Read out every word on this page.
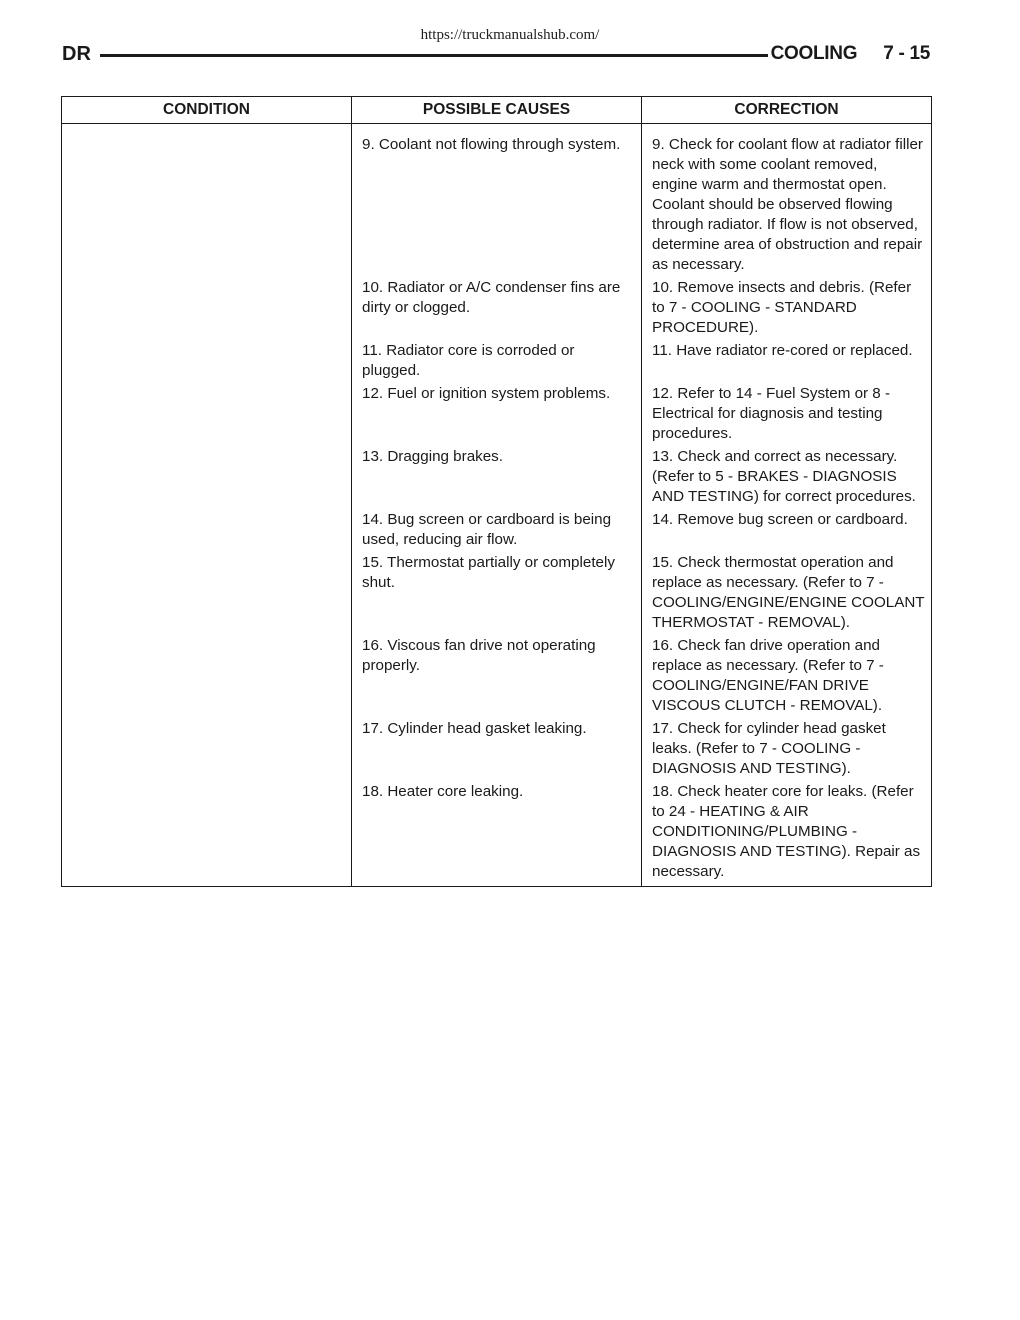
https://truckmanualshub.com/
DR	COOLING 7 - 15
CONDITION	POSSIBLE CAUSES	CORRECTION
	9. Coolant not flowing through system.	9. Check for coolant flow at radiator filler neck with some coolant removed, engine warm and thermostat open. Coolant should be observed flowing through radiator. If flow is not observed, determine area of obstruction and repair as necessary.
	10. Radiator or A/C condenser fins are dirty or clogged.	10. Remove insects and debris. (Refer to 7 - COOLING - STANDARD PROCEDURE).
	11. Radiator core is corroded or plugged.	11. Have radiator re-cored or replaced.
	12. Fuel or ignition system problems.	12. Refer to 14 - Fuel System or 8 - Electrical for diagnosis and testing procedures.
	13. Dragging brakes.	13. Check and correct as necessary. (Refer to 5 - BRAKES - DIAGNOSIS AND TESTING) for correct procedures.
	14. Bug screen or cardboard is being used, reducing air flow.	14. Remove bug screen or cardboard.
	15. Thermostat partially or completely shut.	15. Check thermostat operation and replace as necessary. (Refer to 7 - COOLING/ENGINE/ENGINE COOLANT THERMOSTAT - REMOVAL).
	16. Viscous fan drive not operating properly.	16. Check fan drive operation and replace as necessary. (Refer to 7 - COOLING/ENGINE/FAN DRIVE VISCOUS CLUTCH - REMOVAL).
	17. Cylinder head gasket leaking.	17. Check for cylinder head gasket leaks. (Refer to 7 - COOLING - DIAGNOSIS AND TESTING).
	18. Heater core leaking.	18. Check heater core for leaks. (Refer to 24 - HEATING & AIR CONDITIONING/PLUMBING - DIAGNOSIS AND TESTING). Repair as necessary.
